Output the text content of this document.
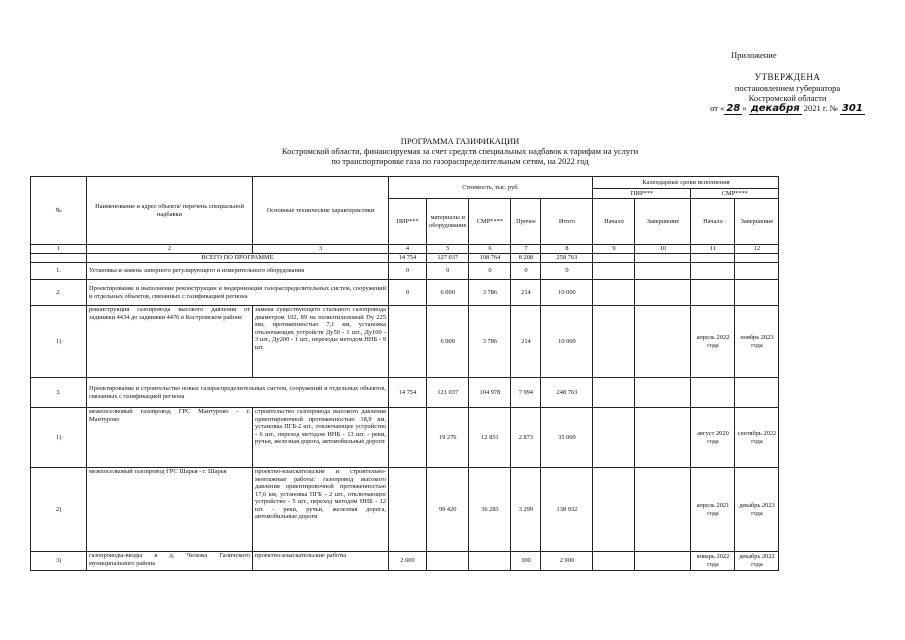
Приложение
УТВЕРЖДЕНА
постановлением губернатора
Костромской области
от « 28 » декабря 2021 г. № 301
ПРОГРАММА ГАЗИФИКАЦИИ
Костромской области, финансируемая за счет средств специальных надбавок к тарифам на услуги
по транспортировке газа по газораспределительным сетям, на 2022 год
№	Наименование и адрес объекта/ перечень специальной надбавки	Основные технические характеристики	Стоимость, тыс. руб.					Календарные сроки исполнения			
								ПИР***		СМР****	
			ПИР***	материалы и оборудование	СМР****	Прочее	Итого	Начало	Завершение	Начало	Завершение
1	2	3	4	5	6	7	8	9	10	11	12
	ВСЕГО ПО ПРОГРАММЕ		14 754	127 037	108 764	8 208	258 763				
1.	Установка и замена запорного регулирующего и измерительного оборудования		0	0	0	0	0				
2.	Проектирование и выполнение реконструкции и модернизации газораспределительных систем, сооружений и отдельных объектов, связанных с газификацией региона		0	6 000	3 786	214	10 000				
1)	реконструкция газопровода высокого давления от задвижки 4434 до задвижки 4476 в Костромском районе	замена существующего стального газопровода диаметром 102, 89 на полиэтиленовый Dy 225 мм, протяженностью 7,1 км, установка отключающих устройств Ду50 - 1 шт., Ду100 - 3 шт., Ду200 - 1 шт., переходы методом ННБ - 9 шт.		6 000	3 786	214	10 000			апрель 2022 года	ноябрь 2023 года
3.	Проектирование и строительство новых газораспределительных систем, сооружений и отдельных объектов, связанных с газификацией региона		14 754	121 037	104 978	7 994	248 763				
1)	межпоселковый газопровод ГРС Мантурово - г. Мантурово	строительство газопровода высокого давления ориентировочной протяженностью 18,9 км, установка ПГБ-2 шт., отключающее устройство - 6 шт., переход методом ННБ - 13 шт. - реки, ручьи, железная дорога, автомобильные дороги		19 276	12 851	2 873	35 000			август 2020 года	сентябрь 2022 года
2)	межпоселковый газопровод ГРС Шарья - г. Шарья	проектно-изыскательские и строительно-монтажные работы: газопровод высокого давления ориентировочной протяженностью 17,6 км, установка ПГБ - 2 шт., отключающее устройство - 5 шт., переход методом ННБ - 12 шт. - реки, ручьи, железная дорога, автомобильные дороги		99 420	36 283	3 299	138 932			апрель 2021 года	декабрь 2023 года
3)	газопроводы-вводы в д. Чележа Галичского муниципального района	проектно-изыскательские работы	2 600			300	2 900			январь 2022 года	декабрь 2022 года
